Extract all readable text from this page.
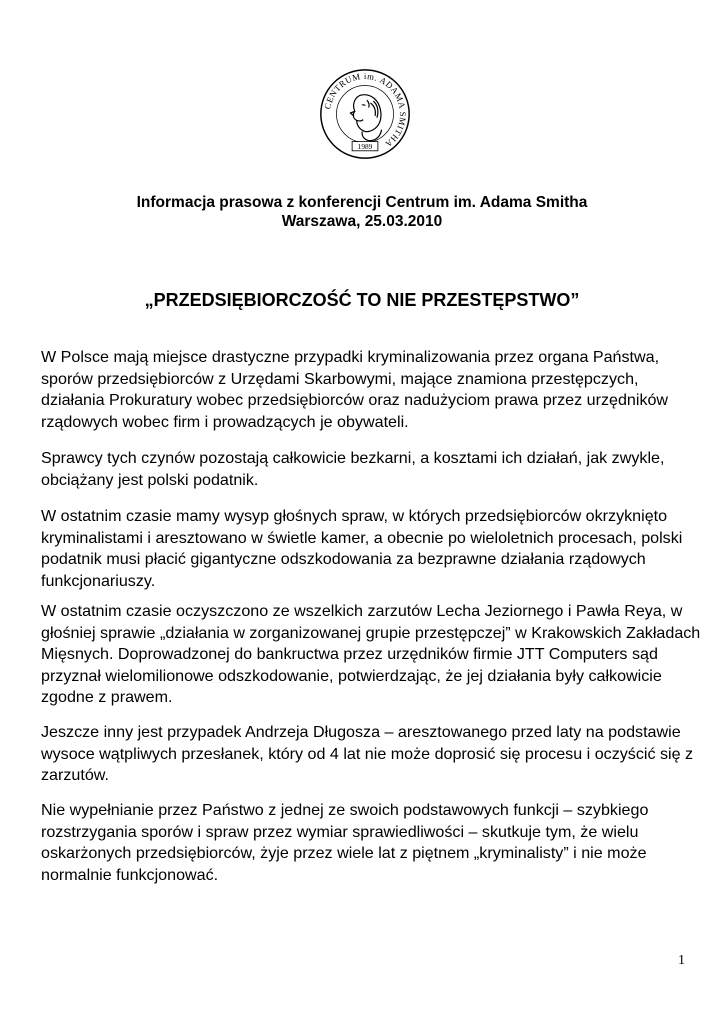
CENTRUM im. ADAMA SMITHA
1989
Informacja prasowa z konferencji Centrum im. Adama Smitha
Warszawa, 25.03.2010
„PRZEDSIĘBIORCZOŚĆ TO NIE PRZESTĘPSTWO”

W Polsce mają miejsce drastyczne przypadki kryminalizowania przez organa Państwa, sporów przedsiębiorców z Urzędami Skarbowymi, mające znamiona przestępczych, działania Prokuratury wobec przedsiębiorców oraz nadużyciom prawa przez urzędników rządowych wobec firm i prowadzących je obywateli.

Sprawcy tych czynów pozostają całkowicie bezkarni, a kosztami ich działań, jak zwykle, obciążany jest polski podatnik.

W ostatnim czasie mamy wysyp głośnych spraw, w których przedsiębiorców okrzyknięto kryminalistami i aresztowano w świetle kamer, a obecnie po wieloletnich procesach, polski podatnik musi płacić gigantyczne odszkodowania za bezprawne działania rządowych funkcjonariuszy.

W ostatnim czasie oczyszczono ze wszelkich zarzutów Lecha Jeziornego i Pawła Reya, w głośniej sprawie „działania w zorganizowanej grupie przestępczej” w Krakowskich Zakładach Mięsnych. Doprowadzonej do bankructwa przez urzędników firmie JTT Computers sąd przyznał wielomilionowe odszkodowanie, potwierdzając, że jej działania były całkowicie zgodne z prawem.

Jeszcze inny jest przypadek Andrzeja Długosza – aresztowanego przed laty na podstawie wysoce wątpliwych przesłanek, który od 4 lat nie może doprosić się procesu i oczyścić się z zarzutów.

Nie wypełnianie przez Państwo z jednej ze swoich podstawowych funkcji – szybkiego rozstrzygania sporów i spraw przez wymiar sprawiedliwości – skutkuje tym, że wielu oskarżonych przedsiębiorców, żyje przez wiele lat z piętnem „kryminalisty” i nie może normalnie funkcjonować.

1
